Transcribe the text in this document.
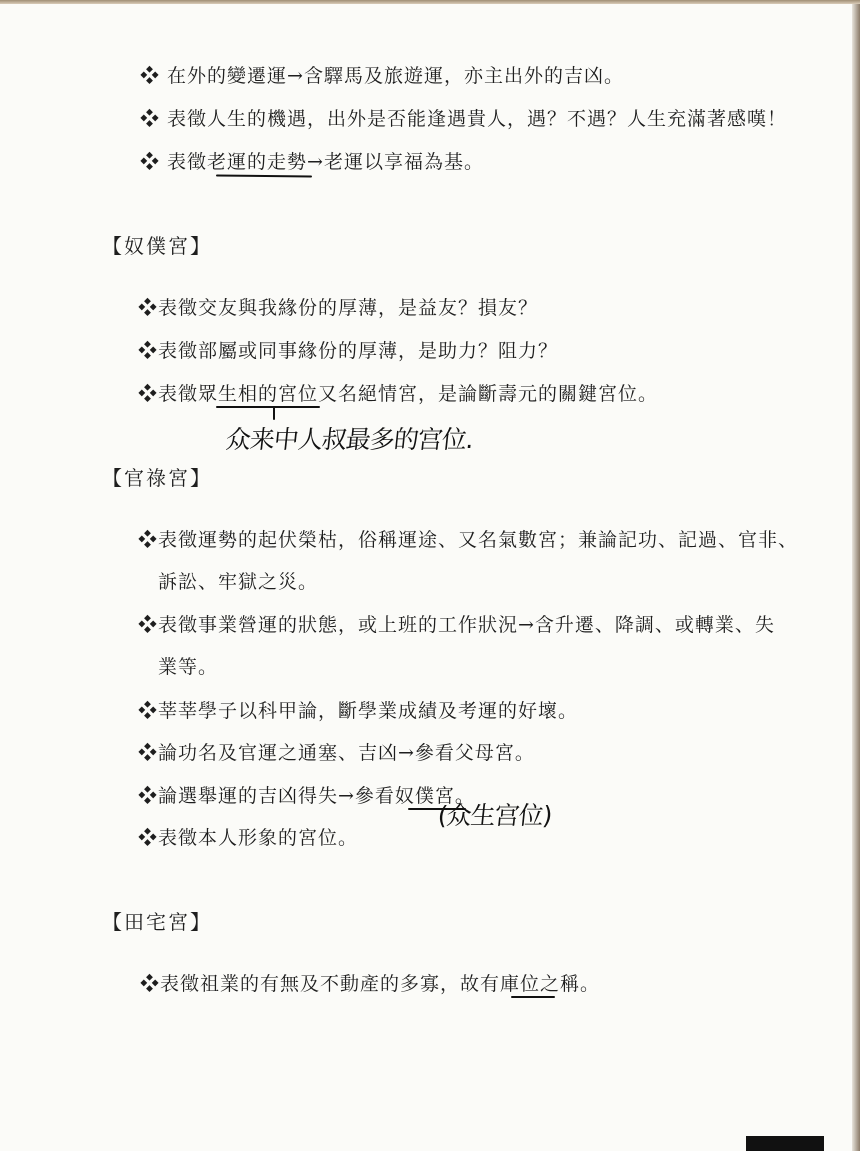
❖ 在外的變遷運→含驛馬及旅遊運，亦主出外的吉凶。
❖ 表徵人生的機遇，出外是否能逢遇貴人，遇？不遇？人生充滿著感嘆！
❖ 表徵老運的走勢→老運以享福為基。
【奴僕宮】
❖表徵交友與我緣份的厚薄，是益友？損友？
❖表徵部屬或同事緣份的厚薄，是助力？阻力？
❖表徵眾生相的宮位又名絕情宮，是論斷壽元的關鍵宮位。
众来中人叔最多的宫位.
【官祿宮】
❖表徵運勢的起伏榮枯，俗稱運途、又名氣數宮；兼論記功、記過、官非、
訴訟、牢獄之災。
❖表徵事業營運的狀態，或上班的工作狀況→含升遷、降調、或轉業、失
業等。
❖莘莘學子以科甲論，斷學業成績及考運的好壞。
❖論功名及官運之通塞、吉凶→參看父母宮。
❖論選舉運的吉凶得失→參看奴僕宮。
(众生宫位)
❖表徵本人形象的宮位。
【田宅宮】
❖表徵祖業的有無及不動產的多寡，故有庫位之稱。
